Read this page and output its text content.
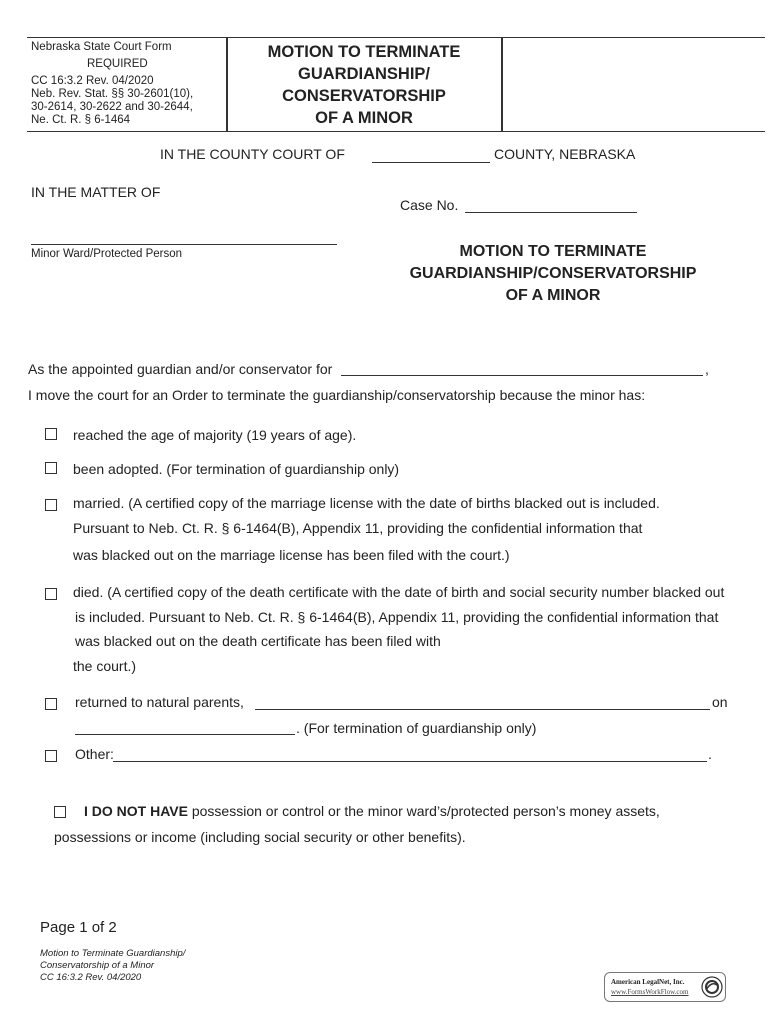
Nebraska State Court Form
REQUIRED
CC 16:3.2 Rev. 04/2020
Neb. Rev. Stat. §§ 30-2601(10),
30-2614, 30-2622 and 30-2644,
Ne. Ct. R. § 6-1464
MOTION TO TERMINATE
GUARDIANSHIP/
CONSERVATORSHIP
OF A MINOR
IN THE COUNTY COURT OF	COUNTY, NEBRASKA
IN THE MATTER OF
Case No.
Minor Ward/Protected Person	MOTION TO TERMINATE
GUARDIANSHIP/CONSERVATORSHIP
OF A MINOR
As the appointed guardian and/or conservator for	,
I move the court for an Order to terminate the guardianship/conservatorship because the minor has:
reached the age of majority (19 years of age).
been adopted. (For termination of guardianship only)
married. (A certified copy of the marriage license with the date of births blacked out is included.
Pursuant to Neb. Ct. R. § 6-1464(B), Appendix 11, providing the confidential information that
was blacked out on the marriage license has been filed with the court.)
died. (A certified copy of the death certificate with the date of birth and social security number blacked out
is included. Pursuant to Neb. Ct. R. § 6-1464(B), Appendix 11, providing the confidential information that
was blacked out on the death certificate has been filed with
the court.)
returned to natural parents,	on
. (For termination of guardianship only)
Other:	.
I DO NOT HAVE possession or control or the minor ward’s/protected person’s money assets,
possessions or income (including social security or other benefits).
Page 1 of 2
Motion to Terminate Guardianship/
Conservatorship of a Minor
CC 16:3.2 Rev. 04/2020	American LegalNet, Inc.
www.FormsWorkFlow.com
